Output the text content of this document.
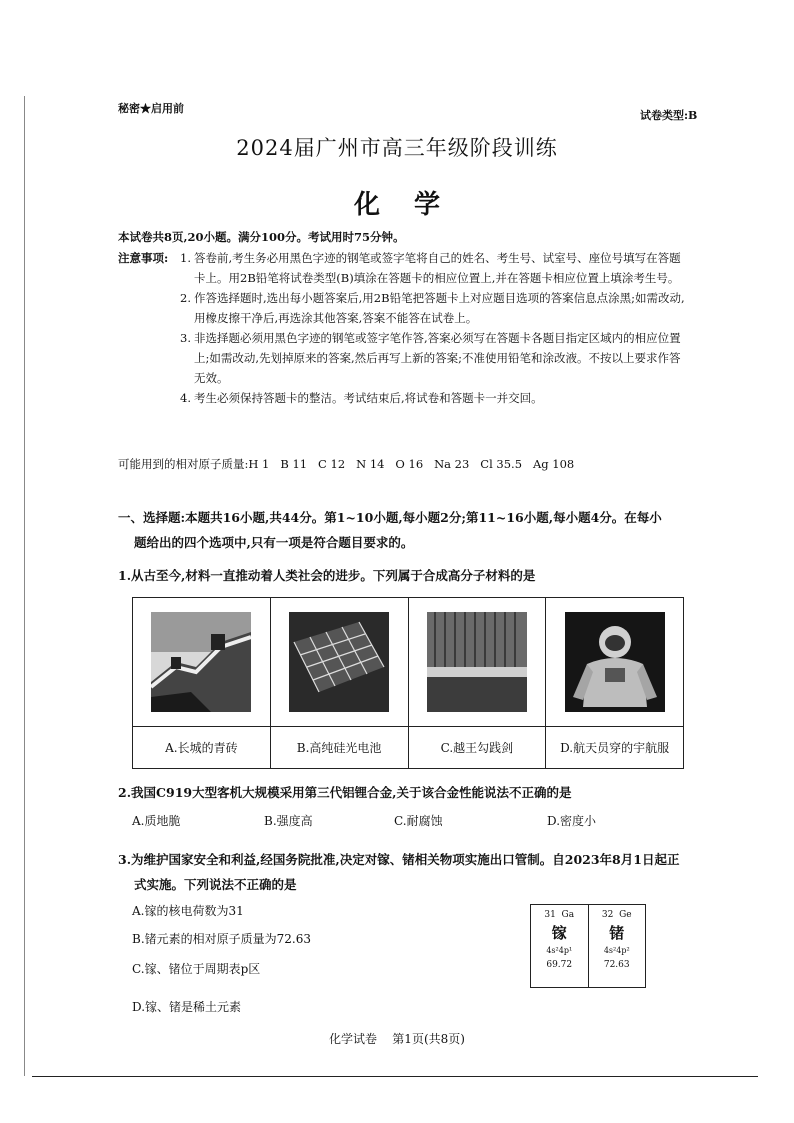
秘密★启用前
试卷类型:B
2024届广州市高三年级阶段训练
化学
本试卷共8页,20小题。满分100分。考试用时75分钟。
注意事项: 1. 答卷前,考生务必用黑色字迹的钢笔或签字笔将自己的姓名、考生号、试室号、座位号填写在答题卡上。用2B铅笔将试卷类型(B)填涂在答题卡的相应位置上,并在答题卡相应位置上填涂考生号。
2. 作答选择题时,选出每小题答案后,用2B铅笔把答题卡上对应题目选项的答案信息点涂黑;如需改动,用橡皮擦干净后,再选涂其他答案,答案不能答在试卷上。
3. 非选择题必须用黑色字迹的钢笔或签字笔作答,答案必须写在答题卡各题目指定区域内的相应位置上;如需改动,先划掉原来的答案,然后再写上新的答案;不准使用铅笔和涂改液。不按以上要求作答无效。
4. 考生必须保持答题卡的整洁。考试结束后,将试卷和答题卡一并交回。
可能用到的相对原子质量:H 1   B 11   C 12   N 14   O 16   Na 23   Cl 35.5   Ag 108
一、选择题:本题共16小题,共44分。第1~10小题,每小题2分;第11~16小题,每小题4分。在每小
题给出的四个选项中,只有一项是符合题目要求的。
1.从古至今,材料一直推动着人类社会的进步。下列属于合成高分子材料的是
A.长城的青砖	B.高纯硅光电池	C.越王勾践剑	D.航天员穿的宇航服
2.我国C919大型客机大规模采用第三代铝锂合金,关于该合金性能说法不正确的是
A.质地脆	B.强度高	C.耐腐蚀	D.密度小
3.为维护国家安全和利益,经国务院批准,决定对镓、锗相关物项实施出口管制。自2023年8月1日起正
式实施。下列说法不正确的是
A.镓的核电荷数为31
B.锗元素的相对原子质量为72.63
C.镓、锗位于周期表p区
D.镓、锗是稀土元素
31  Ga
镓
4s²4p¹
69.72
32  Ge
锗
4s²4p²
72.63
化学试卷    第1页(共8页)
